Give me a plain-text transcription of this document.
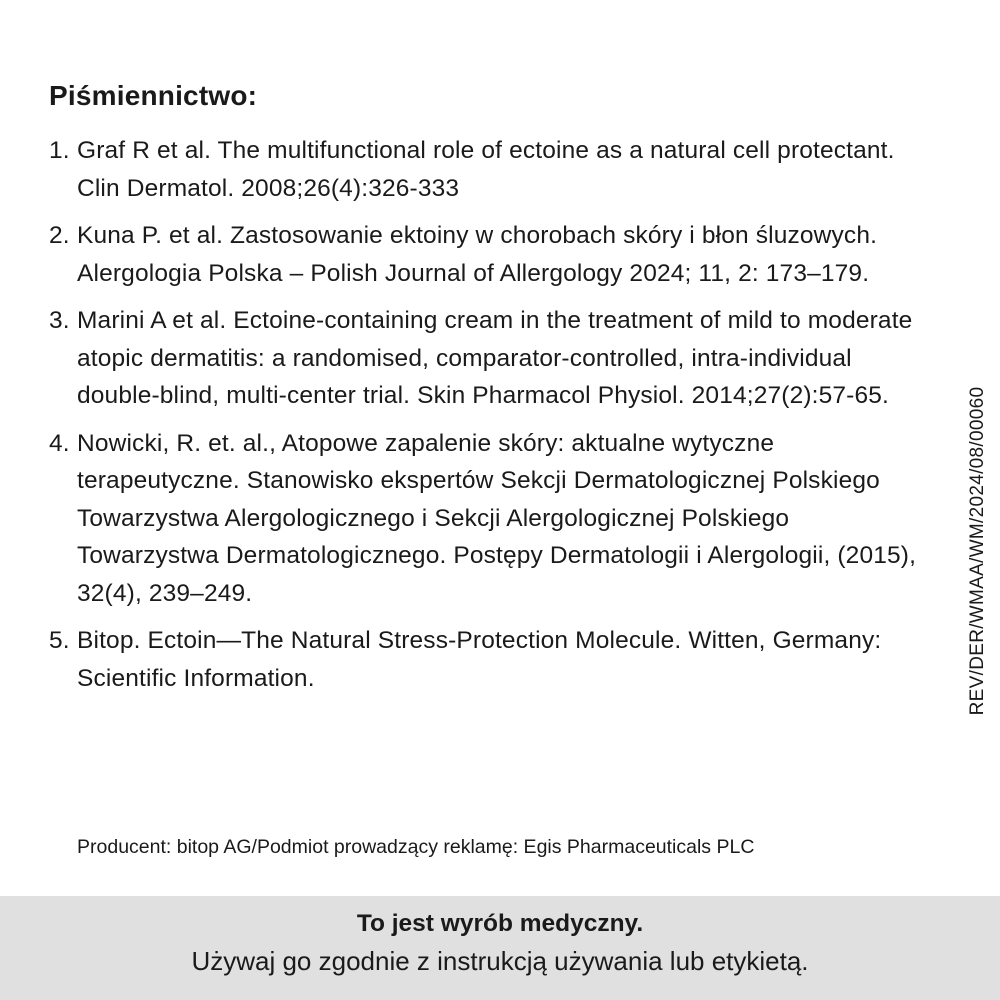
Piśmiennictwo:
1. Graf R et al. The multifunctional role of ectoine as a natural cell protectant. Clin Dermatol. 2008;26(4):326-333
2. Kuna P. et al. Zastosowanie ektoiny w chorobach skóry i błon śluzowych. Alergologia Polska – Polish Journal of Allergology 2024; 11, 2: 173–179.
3. Marini A et al. Ectoine-containing cream in the treatment of mild to moderate atopic dermatitis: a randomised, comparator-controlled, intra-individual double-blind, multi-center trial. Skin Pharmacol Physiol. 2014;27(2):57-65.
4. Nowicki, R. et. al., Atopowe zapalenie skóry: aktualne wytyczne terapeutyczne. Stanowisko ekspertów Sekcji Dermatologicznej Polskiego Towarzystwa Alergologicznego i Sekcji Alergologicznej Polskiego Towarzystwa Dermatologicznego. Postępy Dermatologii i Alergologii, (2015), 32(4), 239–249.
5. Bitop. Ectoin—The Natural Stress-Protection Molecule. Witten, Germany: Scientific Information.

Producent: bitop AG/Podmiot prowadzący reklamę: Egis Pharmaceuticals PLC

REV/DER/WMAA/WM/2024/08/00060
To jest wyrób medyczny.
Używaj go zgodnie z instrukcją używania lub etykietą.
